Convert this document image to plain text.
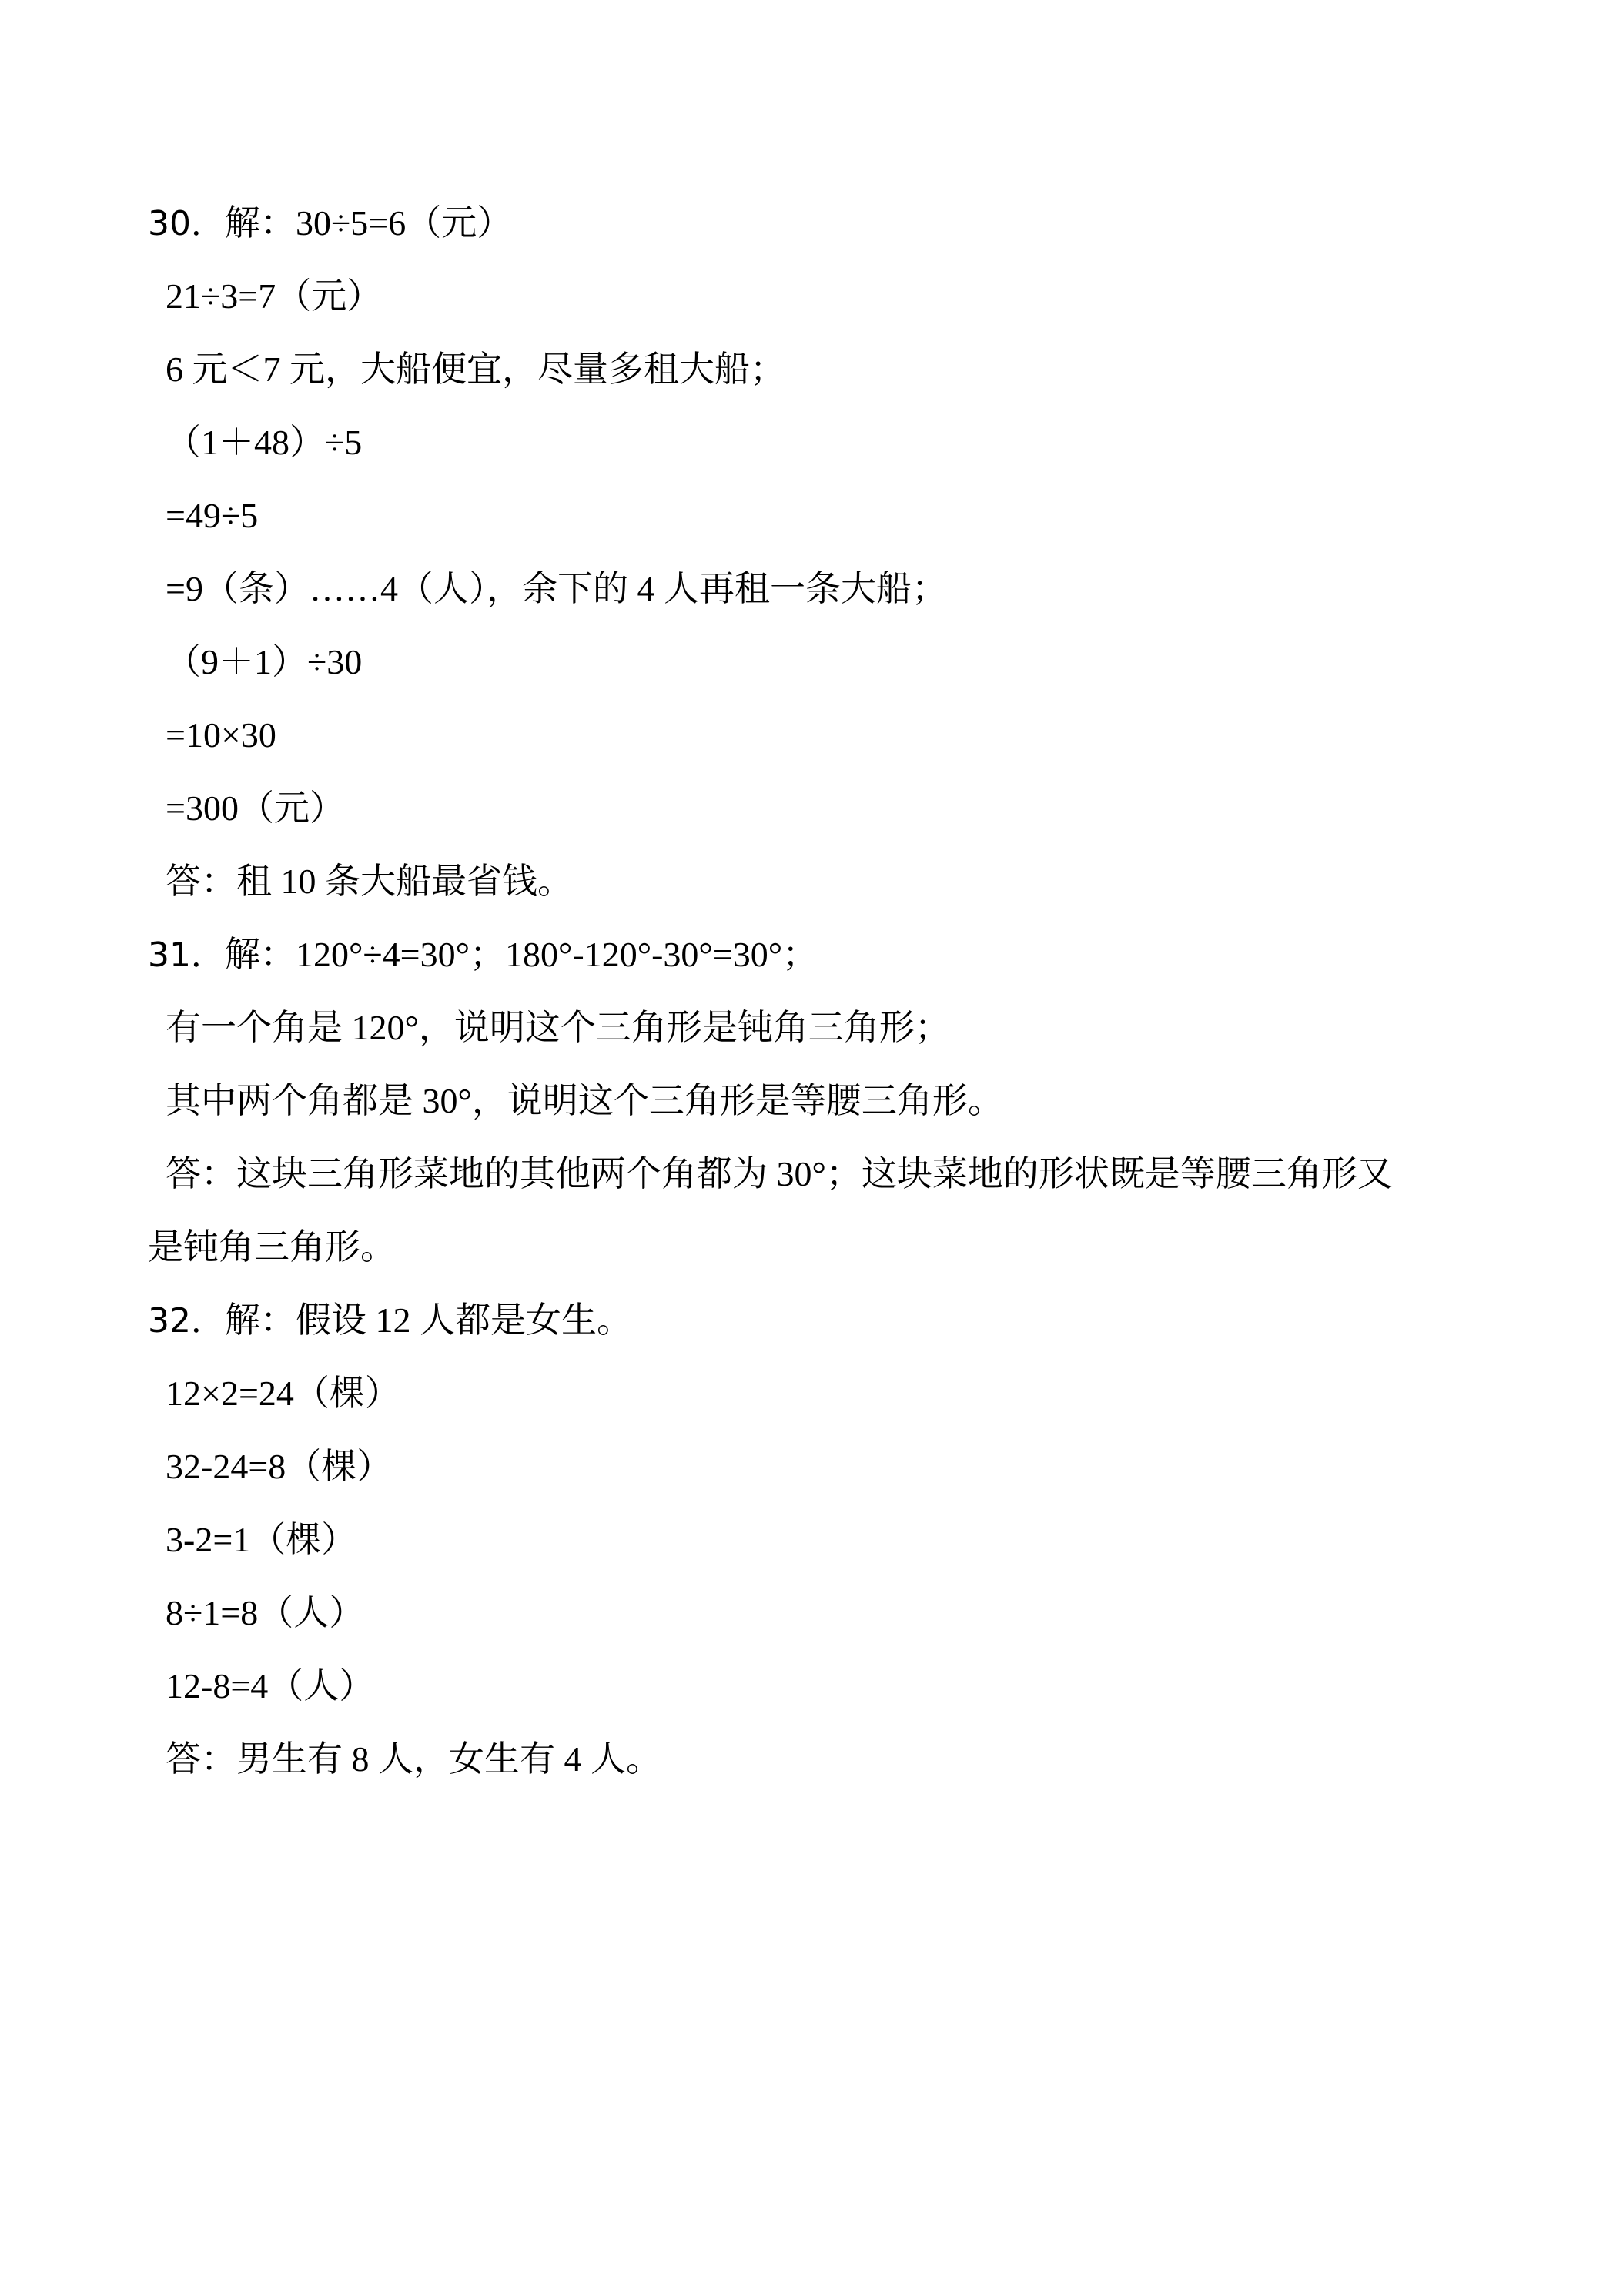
30．解：30÷5=6（元）
21÷3=7（元）
6 元＜7 元，大船便宜，尽量多租大船；
（1＋48）÷5
=49÷5
=9（条）……4（人），余下的 4 人再租一条大船；
（9＋1）÷30
=10×30
=300（元）
答：租 10 条大船最省钱。
31．解：120°÷4=30°；180°-120°-30°=30°；
有一个角是 120°，说明这个三角形是钝角三角形；
其中两个角都是 30°，说明这个三角形是等腰三角形。
答：这块三角形菜地的其他两个角都为 30°；这块菜地的形状既是等腰三角形又
是钝角三角形。
32．解：假设 12 人都是女生。
12×2=24（棵）
32-24=8（棵）
3-2=1（棵）
8÷1=8（人）
12-8=4（人）
答：男生有 8 人，女生有 4 人。
